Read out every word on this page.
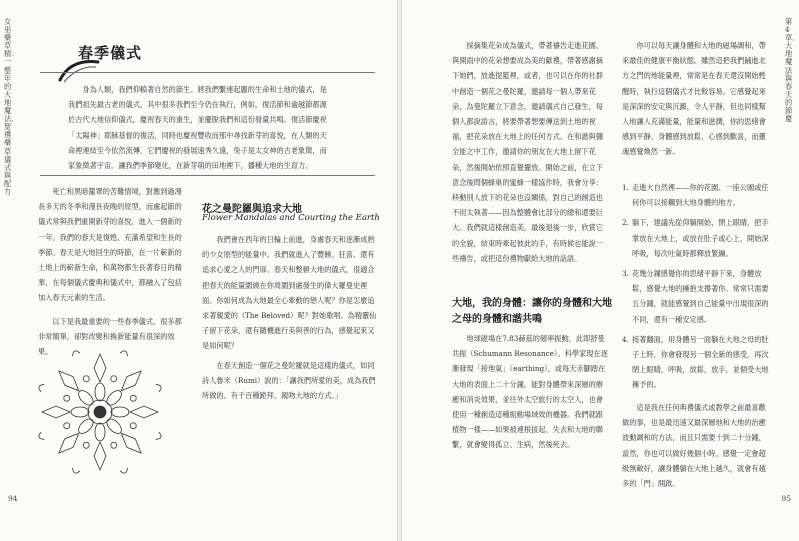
女巫藥草精：一整年的大地魔法、聖禮藥草儀式與配方
春季儀式
身為人類，我們仰賴著自然的節生。將我們繫連起麗的生命和土地的儀式，是我們祖先最古老的儀式，其中很多我們至今仍在執行，例如，復活節和逾越節都源於古代大地信仰儀式，慶祝春天的重生，並擺脫我們和這份發量共鳴。復活節慶祝「太陽神」耶穌基督的復活，同時也慶祝豐收而那中尋找新芽的喜悅，在人類的天命裡連結至今依然流傳，它們慶祝的發展遠秀久遠，兔子是太女神的古老象徵，而家象徵著宇宙。讓我們季節變化，在新芽萌的田地裡下，播種大地的生育力。

死亡和黑暗籠罩的苦難情境，對應到過漫長多天的冬季和漫長夜晚的原型。而處起節的儀式常與我們重開新芽的喜悅，進入一個新的一年。我們的春天是復甦、充滿希望和生長的季節。春天是大地回生的時節，在一片嶄新的土地上的嶄新生命，和萬物都生長著春日的精華，在每個儀式慶典和儀式中，都融入了包括加入春天元素的生活。

以下是我最重要的一些春季儀式，很多都非常簡單，卻對改變和換新能量有很深的效果。

花之曼陀羅與追求大地
Flower Mandalas and Courting the Earth

我們會在西年的日輪上前進，身處春天和逐漸成熟的少女原型的能量中。我們就進入了豐饒、狂喜、還有追求心愛之人的門扉。春天和整頓大地的儀式，很適合把春天的能量圍繞在你周圍到處發生的偉大羅曼史裡面。你如何成為大地最全心牽動的戀人呢？你是怎麼追求著親愛的（The Beloved）呢？對她歌唱、為精靈仙子留下花朵，還有隨機進行美與善的行為，感覺起來又是如何呢？

在春天創造一個花之曼陀羅就是這樣的儀式，如同詩人魯米（Rumi）說的：「讓我們所愛的美，成為我們所做的。有千百種跪拜、親吻大地的方式。」

94

採摘集花朵成為儀式，帶著禱告走進花園、與開雨中的花朵想要成為美的獻禮，帶著感謝摘下她們，放進提籃裡，或者，也可以在你的社群中創造一個花之曼陀羅，邀請每一個人帶來花朵，為曼陀羅立下意念，邀請儀式自己發生，每個人都說語言，將要帶著想要傳送到土地的祝福，把花朵放在大地上的任何方式。在和諧與彌全能之中工作，邀請你的朋友在大地上留下花朵，然後開始依照直覺擺放。開始之前，在立下意念後問個蜂巢的蜜蜂一樣協作時，我會分享：移動別人放下的花朵也沒關係，對自己的創造也不用太執著——因為整體會比部分的總和還要巨大。我們就這樣創造美，最後退後一步，欣賞它的全貌，結束時牽起彼此的手，有時候也能說一些禱告，或把這份禮物獻給大地的話語。

大地，我的身體：讓你的身體和大地之母的身體和諧共鳴

地球磁場在7.83赫茲的頻率振動，此即舒曼共振（Schumann Resonance）。科學家現在逐漸發現「接地氣」（earthing），或每天赤腳踏在大地的表面上二十分鐘，能對身體帶來深層的療癒和消炎效果，並往外太空旅行的太空人，也會使用一種創造這種振動場域效的機器。我們就跟植物一樣——如果被連根拔起、失去和大地的聯繫，就會變得孤立、生病，然後死去。

你可以每天讓身體和大地的磁場調和，帶來最佳的健康平衡狀態。雖然這把我們鋪進北方之門的地能量裡，常常是在春天還沒開始甦醒時，執行這個儀式才比較容易。它感覺起來是深深的安定與沉澱，令人平靜，但也同樣幫人地讓人充滿能量，能量和滋潤，你的思緒會感到平靜、身體感到放鬆、心感到歡喜，而靈魂感覺煥然一新。

1. 走進大自然裡——你的花園、一座公園或任何你可以接觸到大地身體的地方。
2. 躺下，建議先從仰躺開始，閉上眼睛，把手掌放在大地上，或放在肚子或心上，開始深呼吸，每次吐氣時都釋放緊繃。
3. 花幾分鐘感覺你的思緒平靜下來，身體放鬆，感覺大地的擁抱支撐著你。常常只需要五分鐘，就能感覺到自己能量中出現很深的不同，還有一種安定感。
4. 接著翻面，用身體另一面躺在大地之母的肚子上時，你會發現另一個全新的感受。再次閉上眼睛，呼吸，放鬆，放手，並個受大地擁予的。
這是我在任何典禮儀式或教學之前最喜歡做的事，也是最迅速又最深層地和大地的治癒波動調和的方法，而且只需要十到二十分鐘，當然，你也可以做好幾個小時。感覺一定會超級無敵好，讓身體躺在大地上越久，就會有越多的「門」開啟。
第4章．大地魔法與春天的節慶
95
